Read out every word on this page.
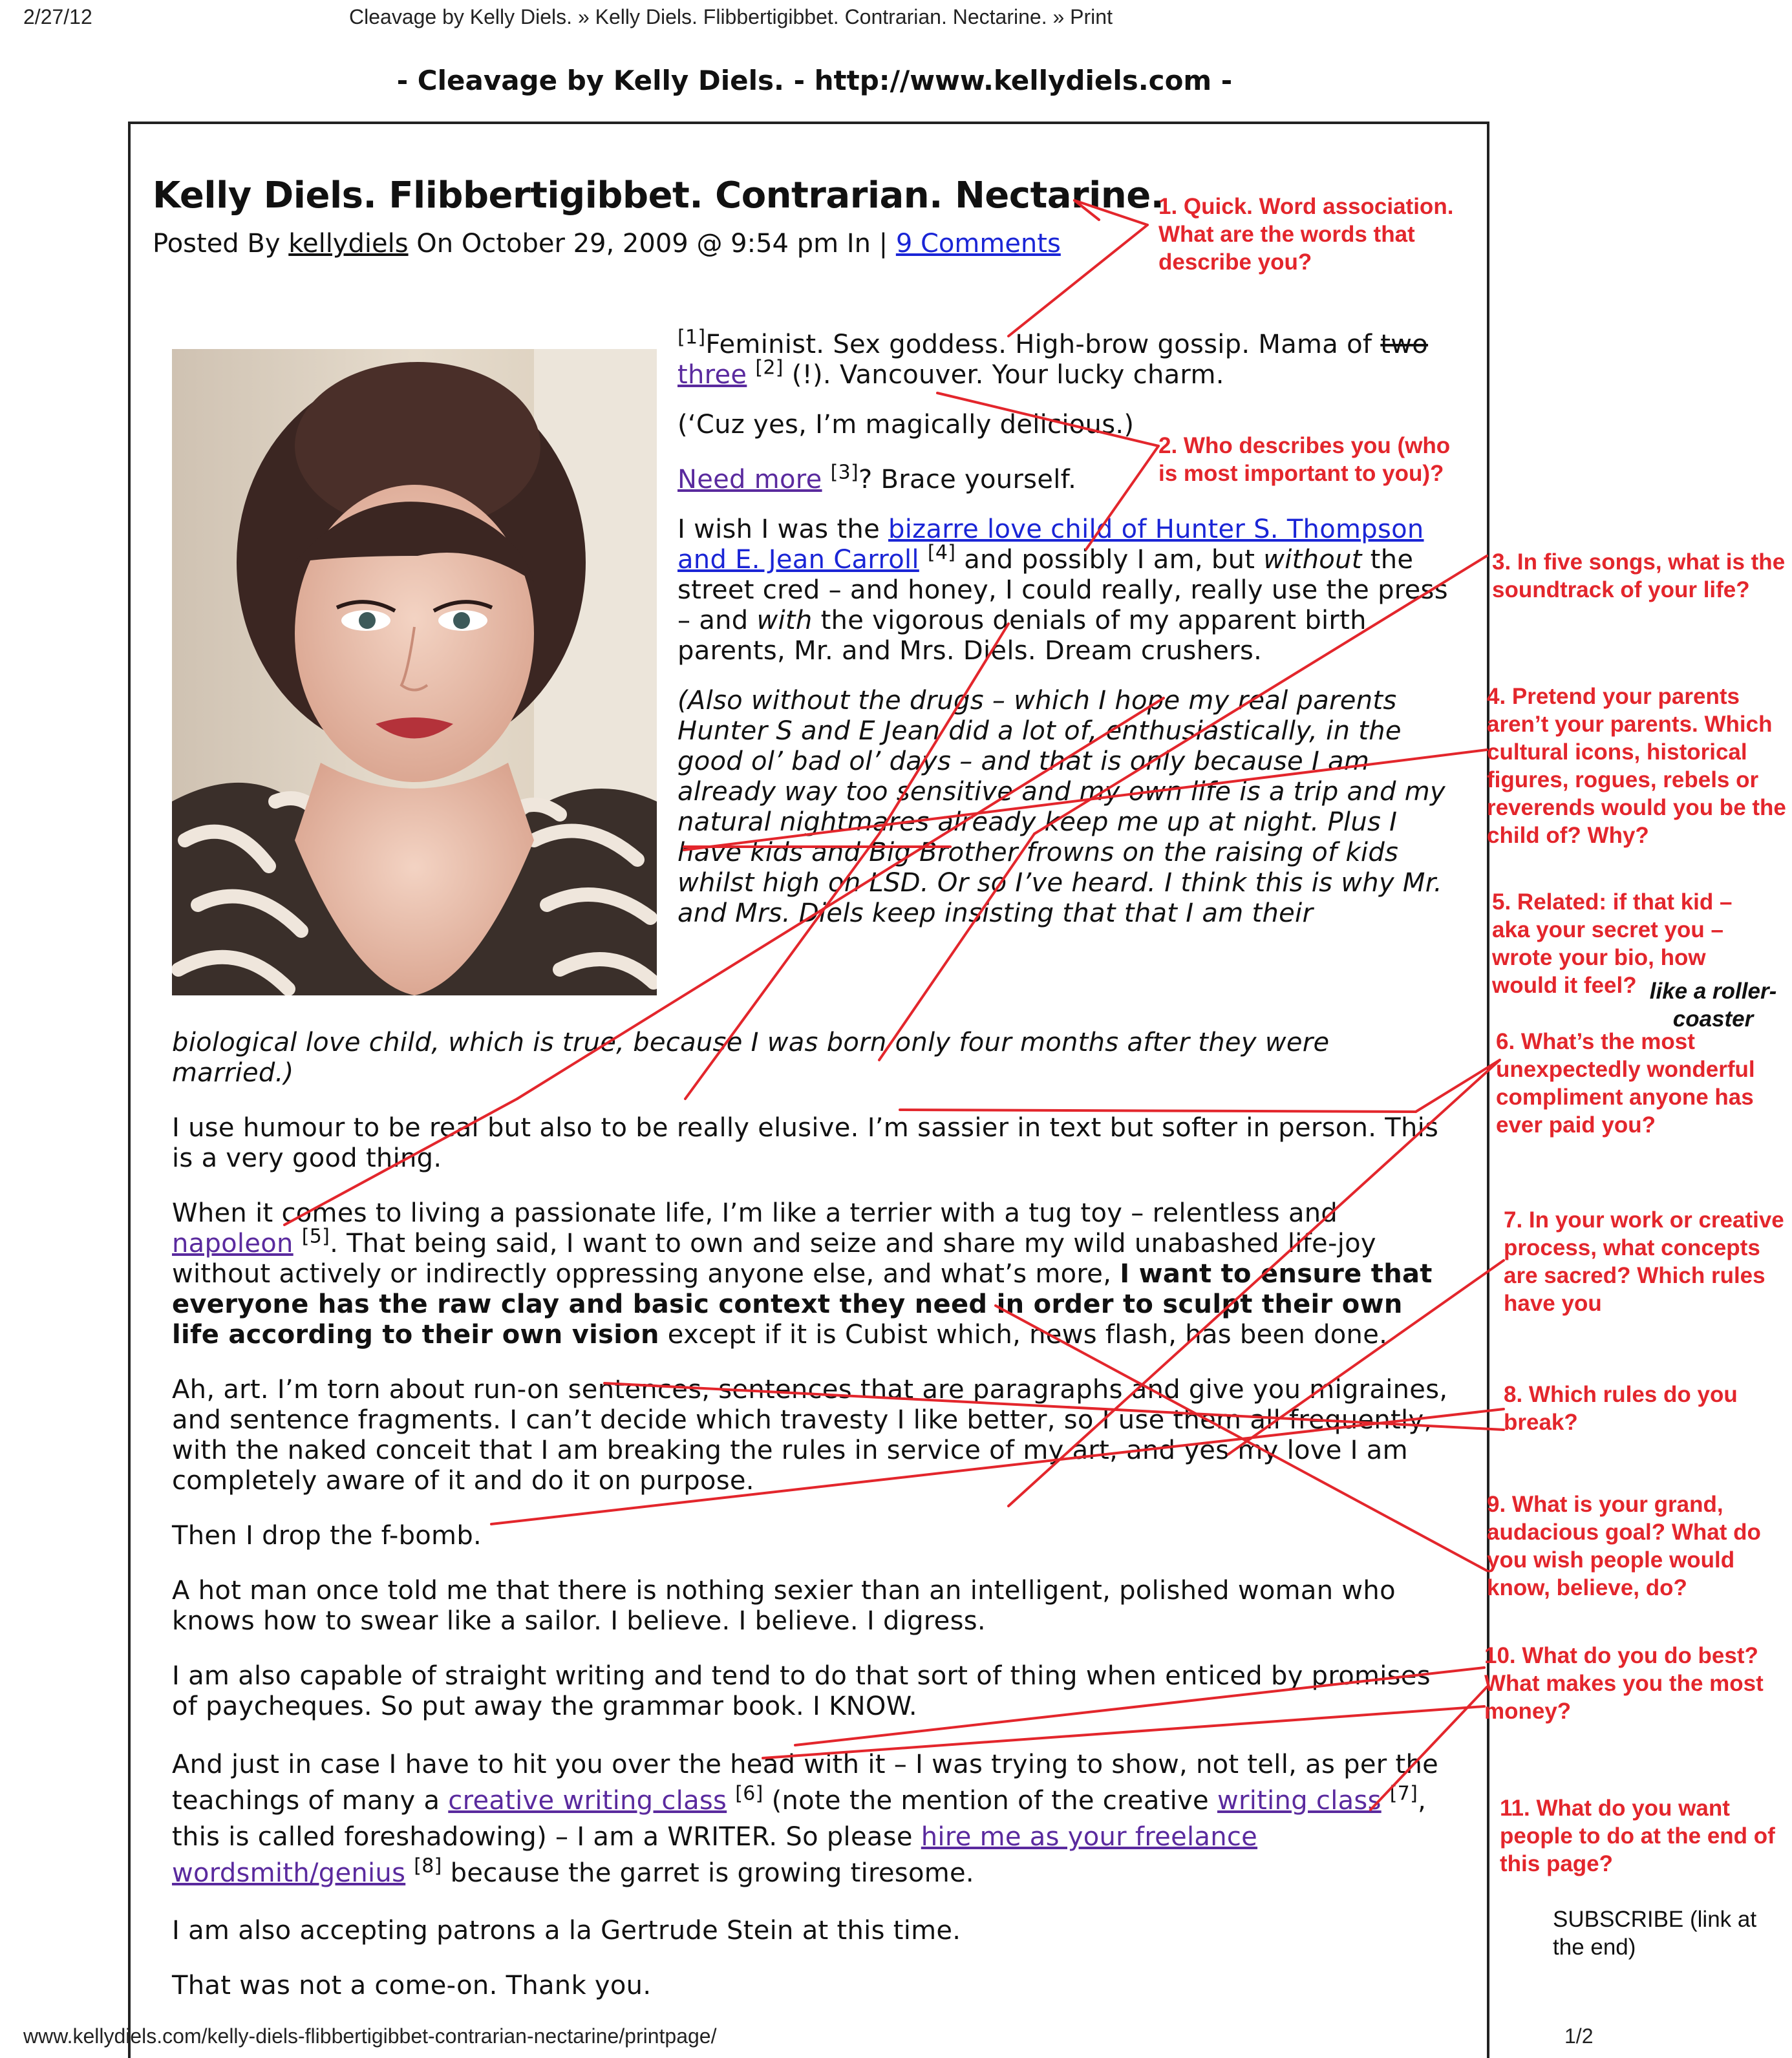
2/27/12	Cleavage by Kelly Diels. » Kelly Diels. Flibbertigibbet. Contrarian. Nectarine. » Print
- Cleavage by Kelly Diels. - http://www.kellydiels.com -
Kelly Diels. Flibbertigibbet. Contrarian. Nectarine.
Posted By kellydiels On October 29, 2009 @ 9:54 pm In | 9 Comments
[1]Feminist. Sex goddess. High-brow gossip. Mama of two three [2] (!). Vancouver. Your lucky charm.
(‘Cuz yes, I’m magically delicious.)
Need more [3]? Brace yourself.
I wish I was the bizarre love child of Hunter S. Thompson and E. Jean Carroll [4] and possibly I am, but without the street cred – and honey, I could really, really use the press – and with the vigorous denials of my apparent birth parents, Mr. and Mrs. Diels. Dream crushers.
(Also without the drugs – which I hope my real parents Hunter S and E Jean did a lot of, enthusiastically, in the good ol’ bad ol’ days – and that is only because I am already way too sensitive and my own life is a trip and my natural nightmares already keep me up at night. Plus I have kids and Big Brother frowns on the raising of kids whilst high on LSD. Or so I’ve heard. I think this is why Mr. and Mrs. Diels keep insisting that that I am their
biological love child, which is true, because I was born only four months after they were married.)
I use humour to be real but also to be really elusive. I’m sassier in text but softer in person. This is a very good thing.
When it comes to living a passionate life, I’m like a terrier with a tug toy – relentless and napoleon [5]. That being said, I want to own and seize and share my wild unabashed life-joy without actively or indirectly oppressing anyone else, and what’s more, I want to ensure that everyone has the raw clay and basic context they need in order to sculpt their own life according to their own vision except if it is Cubist which, news flash, has been done.
Ah, art. I’m torn about run-on sentences, sentences that are paragraphs and give you migraines, and sentence fragments. I can’t decide which travesty I like better, so I use them all frequently, with the naked conceit that I am breaking the rules in service of my art, and yes my love I am completely aware of it and do it on purpose.
Then I drop the f-bomb.
A hot man once told me that there is nothing sexier than an intelligent, polished woman who knows how to swear like a sailor. I believe. I believe. I digress.
I am also capable of straight writing and tend to do that sort of thing when enticed by promises of paycheques. So put away the grammar book. I KNOW.
And just in case I have to hit you over the head with it – I was trying to show, not tell, as per the teachings of many a creative writing class [6] (note the mention of the creative writing class [7], this is called foreshadowing) – I am a WRITER. So please hire me as your freelance wordsmith/genius [8] because the garret is growing tiresome.
I am also accepting patrons a la Gertrude Stein at this time.
That was not a come-on. Thank you.
1. Quick. Word association. What are the words that describe you?
2. Who describes you (who is most important to you)?
3. In five songs, what is the soundtrack of your life?
4. Pretend your parents aren’t your parents. Which cultural icons, historical figures, rogues, rebels or reverends would you be the child of? Why?
5. Related: if that kid – aka your secret you – wrote your bio, how would it feel? like a roller-coaster
6. What’s the most unexpectedly wonderful compliment anyone has ever paid you?
7. In your work or creative process, what concepts are sacred? Which rules have you
8. Which rules do you break?
9. What is your grand, audacious goal? What do you wish people would know, believe, do?
10. What do you do best? What makes you the most money?
11. What do you want people to do at the end of this page?
SUBSCRIBE (link at the end)
www.kellydiels.com/kelly-diels-flibbertigibbet-contrarian-nectarine/printpage/	1/2
